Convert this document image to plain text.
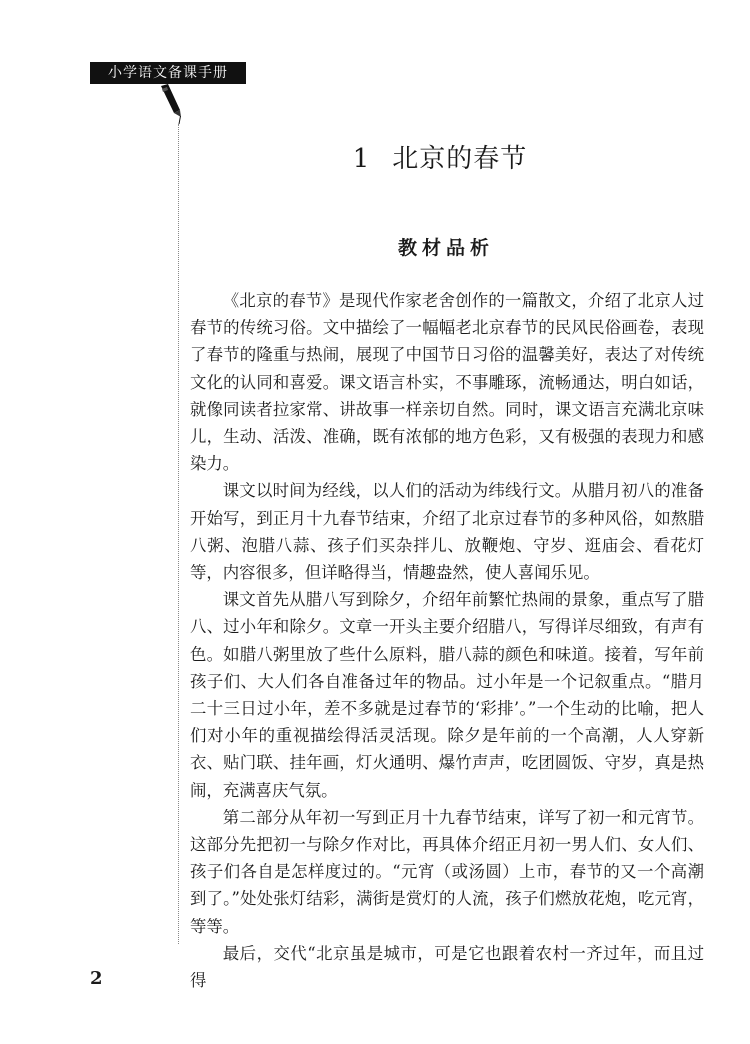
小学语文备课手册
1 北京的春节
教材品析

《北京的春节》是现代作家老舍创作的一篇散文，介绍了北京人过春节的传统习俗。文中描绘了一幅幅老北京春节的民风民俗画卷，表现了春节的隆重与热闹，展现了中国节日习俗的温馨美好，表达了对传统文化的认同和喜爱。课文语言朴实，不事雕琢，流畅通达，明白如话，就像同读者拉家常、讲故事一样亲切自然。同时，课文语言充满北京味儿，生动、活泼、准确，既有浓郁的地方色彩，又有极强的表现力和感染力。

课文以时间为经线，以人们的活动为纬线行文。从腊月初八的准备开始写，到正月十九春节结束，介绍了北京过春节的多种风俗，如熬腊八粥、泡腊八蒜、孩子们买杂拌儿、放鞭炮、守岁、逛庙会、看花灯等，内容很多，但详略得当，情趣盎然，使人喜闻乐见。

课文首先从腊八写到除夕，介绍年前繁忙热闹的景象，重点写了腊八、过小年和除夕。文章一开头主要介绍腊八，写得详尽细致，有声有色。如腊八粥里放了些什么原料，腊八蒜的颜色和味道。接着，写年前孩子们、大人们各自准备过年的物品。过小年是一个记叙重点。“腊月二十三日过小年，差不多就是过春节的‘彩排’。”一个生动的比喻，把人们对小年的重视描绘得活灵活现。除夕是年前的一个高潮，人人穿新衣、贴门联、挂年画，灯火通明、爆竹声声，吃团圆饭、守岁，真是热闹，充满喜庆气氛。

第二部分从年初一写到正月十九春节结束，详写了初一和元宵节。这部分先把初一与除夕作对比，再具体介绍正月初一男人们、女人们、孩子们各自是怎样度过的。“元宵（或汤圆）上市，春节的又一个高潮到了。”处处张灯结彩，满街是赏灯的人流，孩子们燃放花炮，吃元宵，等等。

最后，交代“北京虽是城市，可是它也跟着农村一齐过年，而且过得

2
